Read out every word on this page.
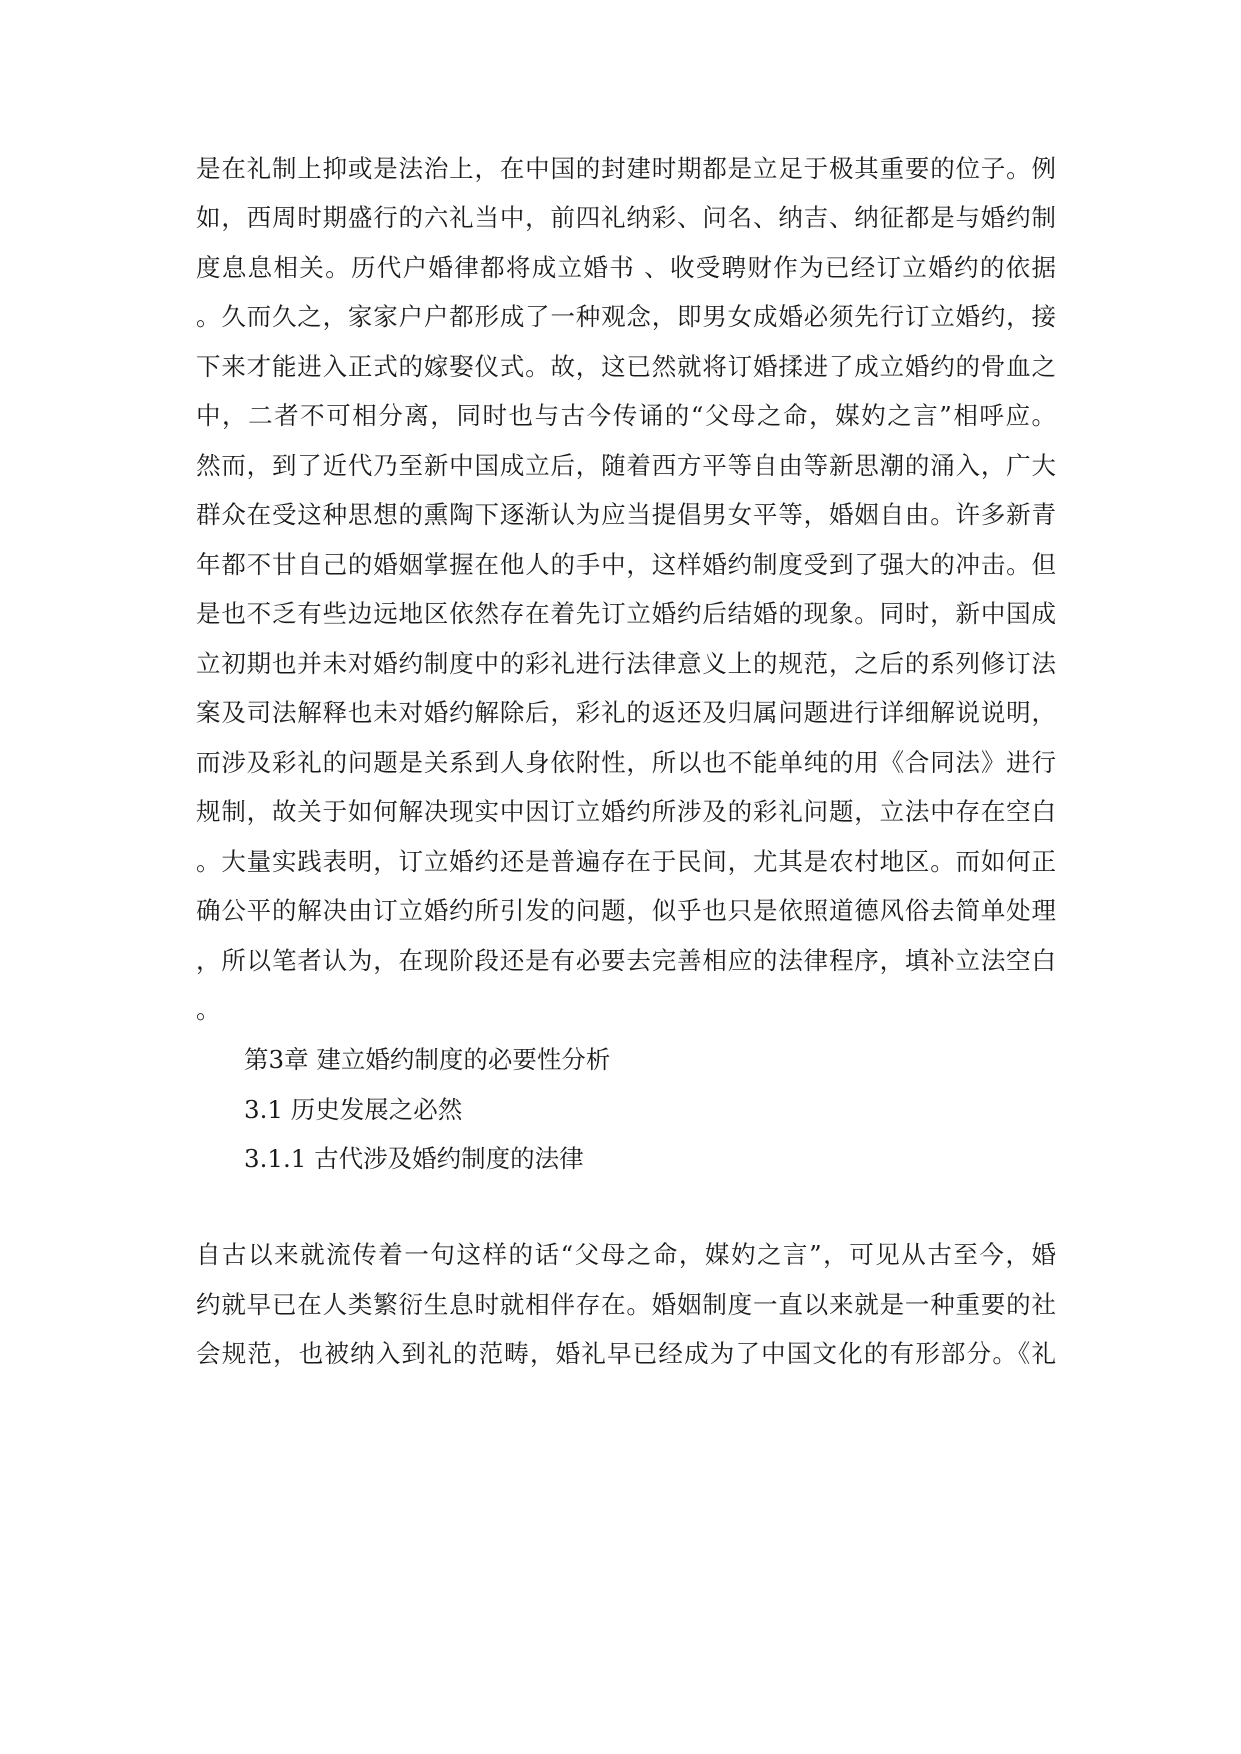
是在礼制上抑或是法治上，在中国的封建时期都是立足于极其重要的位子。例
如，西周时期盛行的六礼当中，前四礼纳彩、问名、纳吉、纳征都是与婚约制
度息息相关。历代户婚律都将成立婚书 、收受聘财作为已经订立婚约的依据
。久而久之，家家户户都形成了一种观念，即男女成婚必须先行订立婚约，接
下来才能进入正式的嫁娶仪式。故，这已然就将订婚揉进了成立婚约的骨血之
中，二者不可相分离，同时也与古今传诵的“父母之命，媒妁之言”相呼应。
然而，到了近代乃至新中国成立后，随着西方平等自由等新思潮的涌入，广大
群众在受这种思想的熏陶下逐渐认为应当提倡男女平等，婚姻自由。许多新青
年都不甘自己的婚姻掌握在他人的手中，这样婚约制度受到了强大的冲击。但
是也不乏有些边远地区依然存在着先订立婚约后结婚的现象。同时，新中国成
立初期也并未对婚约制度中的彩礼进行法律意义上的规范，之后的系列修订法
案及司法解释也未对婚约解除后，彩礼的返还及归属问题进行详细解说说明，
而涉及彩礼的问题是关系到人身依附性，所以也不能单纯的用《合同法》进行
规制，故关于如何解决现实中因订立婚约所涉及的彩礼问题，立法中存在空白
。大量实践表明，订立婚约还是普遍存在于民间，尤其是农村地区。而如何正
确公平的解决由订立婚约所引发的问题，似乎也只是依照道德风俗去简单处理
，所以笔者认为，在现阶段还是有必要去完善相应的法律程序，填补立法空白
。
第3章 建立婚约制度的必要性分析
3.1 历史发展之必然
3.1.1 古代涉及婚约制度的法律
自古以来就流传着一句这样的话“父母之命，媒妁之言”，可见从古至今，婚
约就早已在人类繁衍生息时就相伴存在。婚姻制度一直以来就是一种重要的社
会规范，也被纳入到礼的范畴，婚礼早已经成为了中国文化的有形部分。《礼
